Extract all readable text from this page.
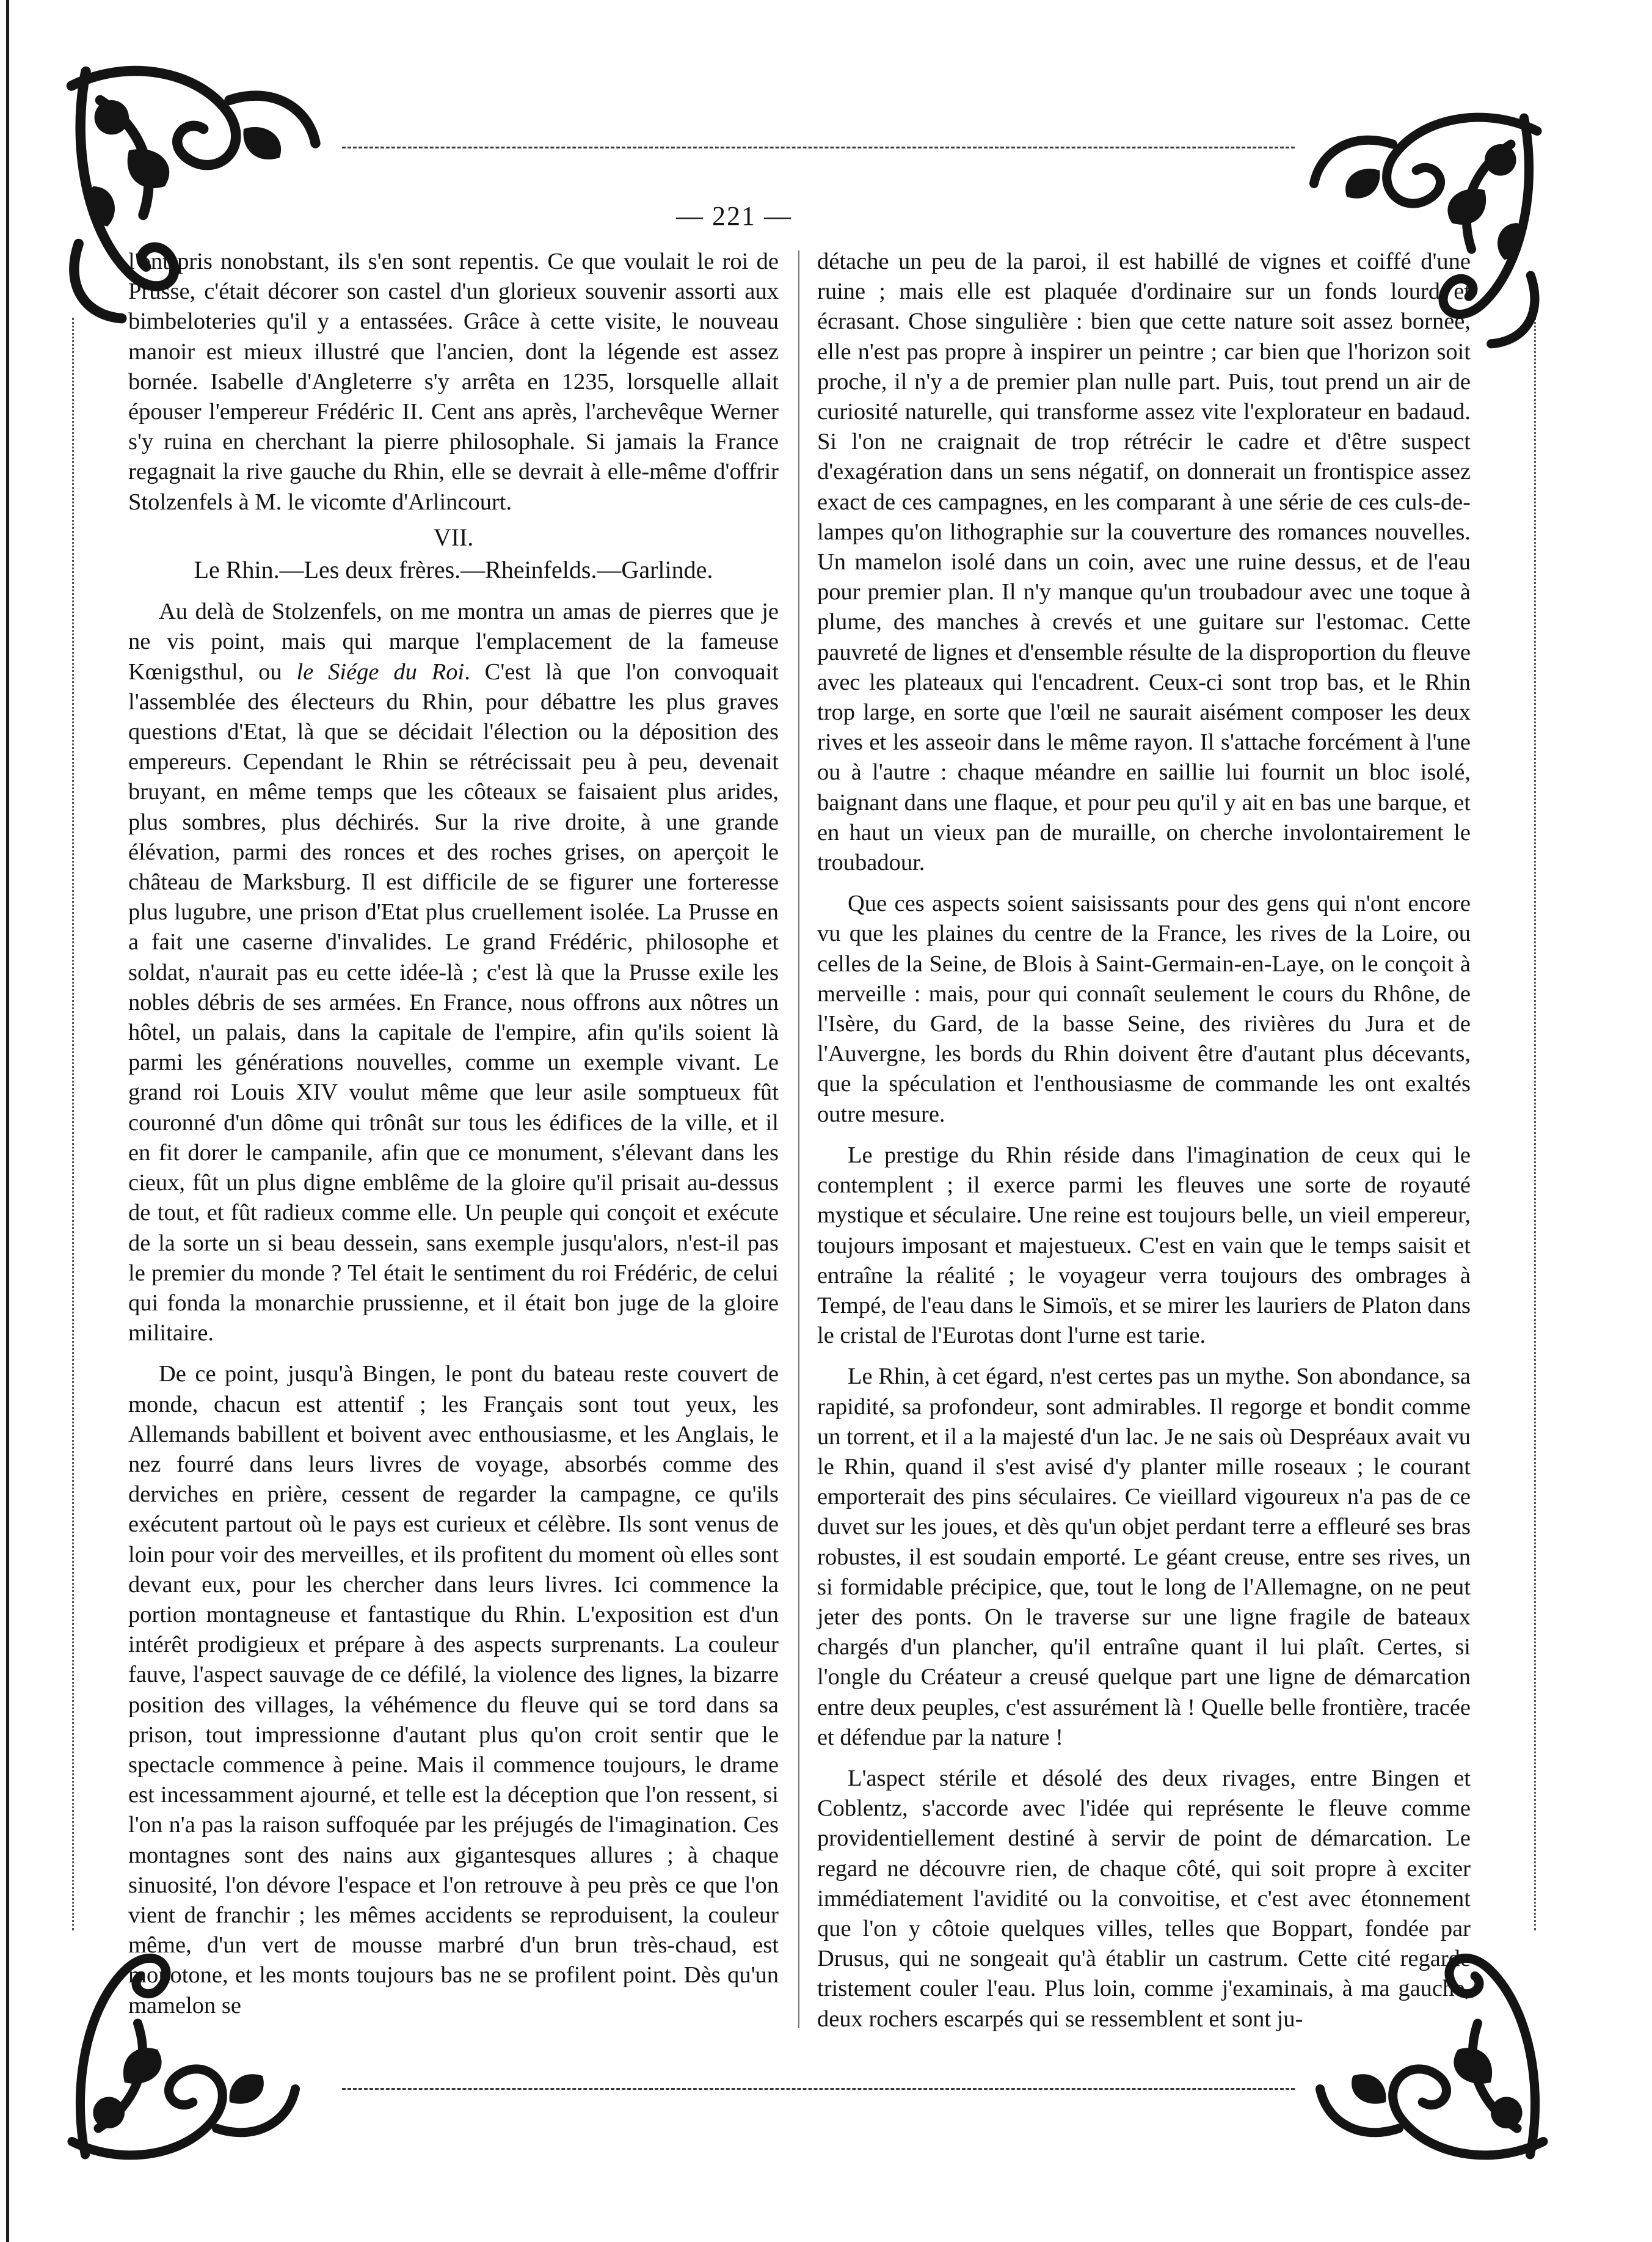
— 221 —

l'ont pris nonobstant, ils s'en sont repentis. Ce que voulait le roi de Prusse, c'était décorer son castel d'un glorieux souvenir assorti aux bimbeloteries qu'il y a entassées. Grâce à cette visite, le nouveau manoir est mieux illustré que l'ancien, dont la légende est assez bornée. Isabelle d'Angleterre s'y arrêta en 1235, lorsquelle allait épouser l'empereur Frédéric II. Cent ans après, l'archevêque Werner s'y ruina en cherchant la pierre philosophale. Si jamais la France regagnait la rive gauche du Rhin, elle se devrait à elle-même d'offrir Stolzenfels à M. le vicomte d'Arlincourt.

VII.

Le Rhin.—Les deux frères.—Rheinfelds.—Garlinde.

Au delà de Stolzenfels, on me montra un amas de pierres que je ne vis point, mais qui marque l'emplacement de la fameuse Kœnigsthul, ou le Siége du Roi. C'est là que l'on convoquait l'assemblée des électeurs du Rhin, pour débattre les plus graves questions d'Etat, là que se décidait l'élection ou la déposition des empereurs. Cependant le Rhin se rétrécissait peu à peu, devenait bruyant, en même temps que les côteaux se faisaient plus arides, plus sombres, plus déchirés. Sur la rive droite, à une grande élévation, parmi des ronces et des roches grises, on aperçoit le château de Marksburg. Il est difficile de se figurer une forteresse plus lugubre, une prison d'Etat plus cruellement isolée. La Prusse en a fait une caserne d'invalides. Le grand Frédéric, philosophe et soldat, n'aurait pas eu cette idée-là ; c'est là que la Prusse exile les nobles débris de ses armées. En France, nous offrons aux nôtres un hôtel, un palais, dans la capitale de l'empire, afin qu'ils soient là parmi les générations nouvelles, comme un exemple vivant. Le grand roi Louis XIV voulut même que leur asile somptueux fût couronné d'un dôme qui trônât sur tous les édifices de la ville, et il en fit dorer le campanile, afin que ce monument, s'élevant dans les cieux, fût un plus digne emblême de la gloire qu'il prisait au-dessus de tout, et fût radieux comme elle. Un peuple qui conçoit et exécute de la sorte un si beau dessein, sans exemple jusqu'alors, n'est-il pas le premier du monde ? Tel était le sentiment du roi Frédéric, de celui qui fonda la monarchie prussienne, et il était bon juge de la gloire militaire.

De ce point, jusqu'à Bingen, le pont du bateau reste couvert de monde, chacun est attentif ; les Français sont tout yeux, les Allemands babillent et boivent avec enthousiasme, et les Anglais, le nez fourré dans leurs livres de voyage, absorbés comme des derviches en prière, cessent de regarder la campagne, ce qu'ils exécutent partout où le pays est curieux et célèbre. Ils sont venus de loin pour voir des merveilles, et ils profitent du moment où elles sont devant eux, pour les chercher dans leurs livres. Ici commence la portion montagneuse et fantastique du Rhin. L'exposition est d'un intérêt prodigieux et prépare à des aspects surprenants. La couleur fauve, l'aspect sauvage de ce défilé, la violence des lignes, la bizarre position des villages, la véhémence du fleuve qui se tord dans sa prison, tout impressionne d'autant plus qu'on croit sentir que le spectacle commence à peine. Mais il commence toujours, le drame est incessamment ajourné, et telle est la déception que l'on ressent, si l'on n'a pas la raison suffoquée par les préjugés de l'imagination. Ces montagnes sont des nains aux gigantesques allures ; à chaque sinuosité, l'on dévore l'espace et l'on retrouve à peu près ce que l'on vient de franchir ; les mêmes accidents se reproduisent, la couleur même, d'un vert de mousse marbré d'un brun très-chaud, est monotone, et les monts toujours bas ne se profilent point. Dès qu'un mamelon se

détache un peu de la paroi, il est habillé de vignes et coiffé d'une ruine ; mais elle est plaquée d'ordinaire sur un fonds lourd et écrasant. Chose singulière : bien que cette nature soit assez bornée, elle n'est pas propre à inspirer un peintre ; car bien que l'horizon soit proche, il n'y a de premier plan nulle part. Puis, tout prend un air de curiosité naturelle, qui transforme assez vite l'explorateur en badaud. Si l'on ne craignait de trop rétrécir le cadre et d'être suspect d'exagération dans un sens négatif, on donnerait un frontispice assez exact de ces campagnes, en les comparant à une série de ces culs-de-lampes qu'on lithographie sur la couverture des romances nouvelles. Un mamelon isolé dans un coin, avec une ruine dessus, et de l'eau pour premier plan. Il n'y manque qu'un troubadour avec une toque à plume, des manches à crevés et une guitare sur l'estomac. Cette pauvreté de lignes et d'ensemble résulte de la disproportion du fleuve avec les plateaux qui l'encadrent. Ceux-ci sont trop bas, et le Rhin trop large, en sorte que l'œil ne saurait aisément composer les deux rives et les asseoir dans le même rayon. Il s'attache forcément à l'une ou à l'autre : chaque méandre en saillie lui fournit un bloc isolé, baignant dans une flaque, et pour peu qu'il y ait en bas une barque, et en haut un vieux pan de muraille, on cherche involontairement le troubadour.

Que ces aspects soient saisissants pour des gens qui n'ont encore vu que les plaines du centre de la France, les rives de la Loire, ou celles de la Seine, de Blois à Saint-Germain-en-Laye, on le conçoit à merveille : mais, pour qui connaît seulement le cours du Rhône, de l'Isère, du Gard, de la basse Seine, des rivières du Jura et de l'Auvergne, les bords du Rhin doivent être d'autant plus décevants, que la spéculation et l'enthousiasme de commande les ont exaltés outre mesure.

Le prestige du Rhin réside dans l'imagination de ceux qui le contemplent ; il exerce parmi les fleuves une sorte de royauté mystique et séculaire. Une reine est toujours belle, un vieil empereur, toujours imposant et majestueux. C'est en vain que le temps saisit et entraîne la réalité ; le voyageur verra toujours des ombrages à Tempé, de l'eau dans le Simoïs, et se mirer les lauriers de Platon dans le cristal de l'Eurotas dont l'urne est tarie.

Le Rhin, à cet égard, n'est certes pas un mythe. Son abondance, sa rapidité, sa profondeur, sont admirables. Il regorge et bondit comme un torrent, et il a la majesté d'un lac. Je ne sais où Despréaux avait vu le Rhin, quand il s'est avisé d'y planter mille roseaux ; le courant emporterait des pins séculaires. Ce vieillard vigoureux n'a pas de ce duvet sur les joues, et dès qu'un objet perdant terre a effleuré ses bras robustes, il est soudain emporté. Le géant creuse, entre ses rives, un si formidable précipice, que, tout le long de l'Allemagne, on ne peut jeter des ponts. On le traverse sur une ligne fragile de bateaux chargés d'un plancher, qu'il entraîne quant il lui plaît. Certes, si l'ongle du Créateur a creusé quelque part une ligne de démarcation entre deux peuples, c'est assurément là ! Quelle belle frontière, tracée et défendue par la nature !

L'aspect stérile et désolé des deux rivages, entre Bingen et Coblentz, s'accorde avec l'idée qui représente le fleuve comme providentiellement destiné à servir de point de démarcation. Le regard ne découvre rien, de chaque côté, qui soit propre à exciter immédiatement l'avidité ou la convoitise, et c'est avec étonnement que l'on y côtoie quelques villes, telles que Boppart, fondée par Drusus, qui ne songeait qu'à établir un castrum. Cette cité regarde tristement couler l'eau. Plus loin, comme j'examinais, à ma gauche, deux rochers escarpés qui se ressemblent et sont ju-
